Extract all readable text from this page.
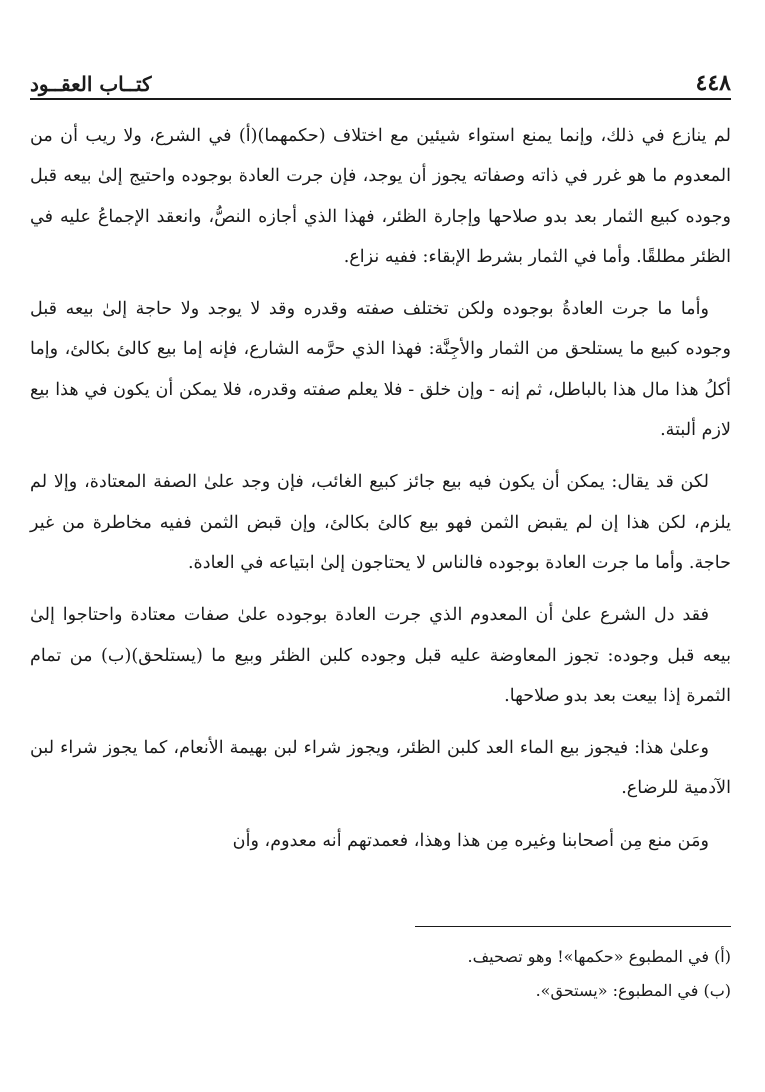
٤٤٨
كتــاب العقــود

لم ينازع في ذلك، وإنما يمنع استواء شيئين مع اختلاف (حكمهما)(أ) في الشرع، ولا ريب أن من المعدوم ما هو غرر في ذاته وصفاته يجوز أن يوجد، فإن جرت العادة بوجوده واحتيج إلىٰ بيعه قبل وجوده كبيع الثمار بعد بدو صلاحها وإجارة الظئر، فهذا الذي أجازه النصُّ، وانعقد الإجماعُ عليه في الظئر مطلقًا. وأما في الثمار بشرط الإبقاء: ففيه نزاع.

وأما ما جرت العادةُ بوجوده ولكن تختلف صفته وقدره وقد لا يوجد ولا حاجة إلىٰ بيعه قبل وجوده كبيع ما يستلحق من الثمار والأجِنَّة: فهذا الذي حرَّمه الشارع، فإنه إما بيع كالئ بكالئ، وإما أكلُ هذا مال هذا بالباطل، ثم إنه - وإن خلق - فلا يعلم صفته وقدره، فلا يمكن أن يكون في هذا بيع لازم ألبتة.

لكن قد يقال: يمكن أن يكون فيه بيع جائز كبيع الغائب، فإن وجد علىٰ الصفة المعتادة، وإلا لم يلزم، لكن هذا إن لم يقبض الثمن فهو بيع كالئ بكالئ، وإن قبض الثمن ففيه مخاطرة من غير حاجة. وأما ما جرت العادة بوجوده فالناس لا يحتاجون إلىٰ ابتياعه في العادة.

فقد دل الشرع علىٰ أن المعدوم الذي جرت العادة بوجوده علىٰ صفات معتادة واحتاجوا إلىٰ بيعه قبل وجوده: تجوز المعاوضة عليه قبل وجوده كلبن الظئر وبيع ما (يستلحق)(ب) من تمام الثمرة إذا بيعت بعد بدو صلاحها.

وعلىٰ هذا: فيجوز بيع الماء العد كلبن الظئر، ويجوز شراء لبن بهيمة الأنعام، كما يجوز شراء لبن الآدمية للرضاع.

ومَن منع مِن أصحابنا وغيره مِن هذا وهذا، فعمدتهم أنه معدوم، وأن

(أ) في المطبوع «حكمها»! وهو تصحيف.

(ب) في المطبوع: «يستحق».
